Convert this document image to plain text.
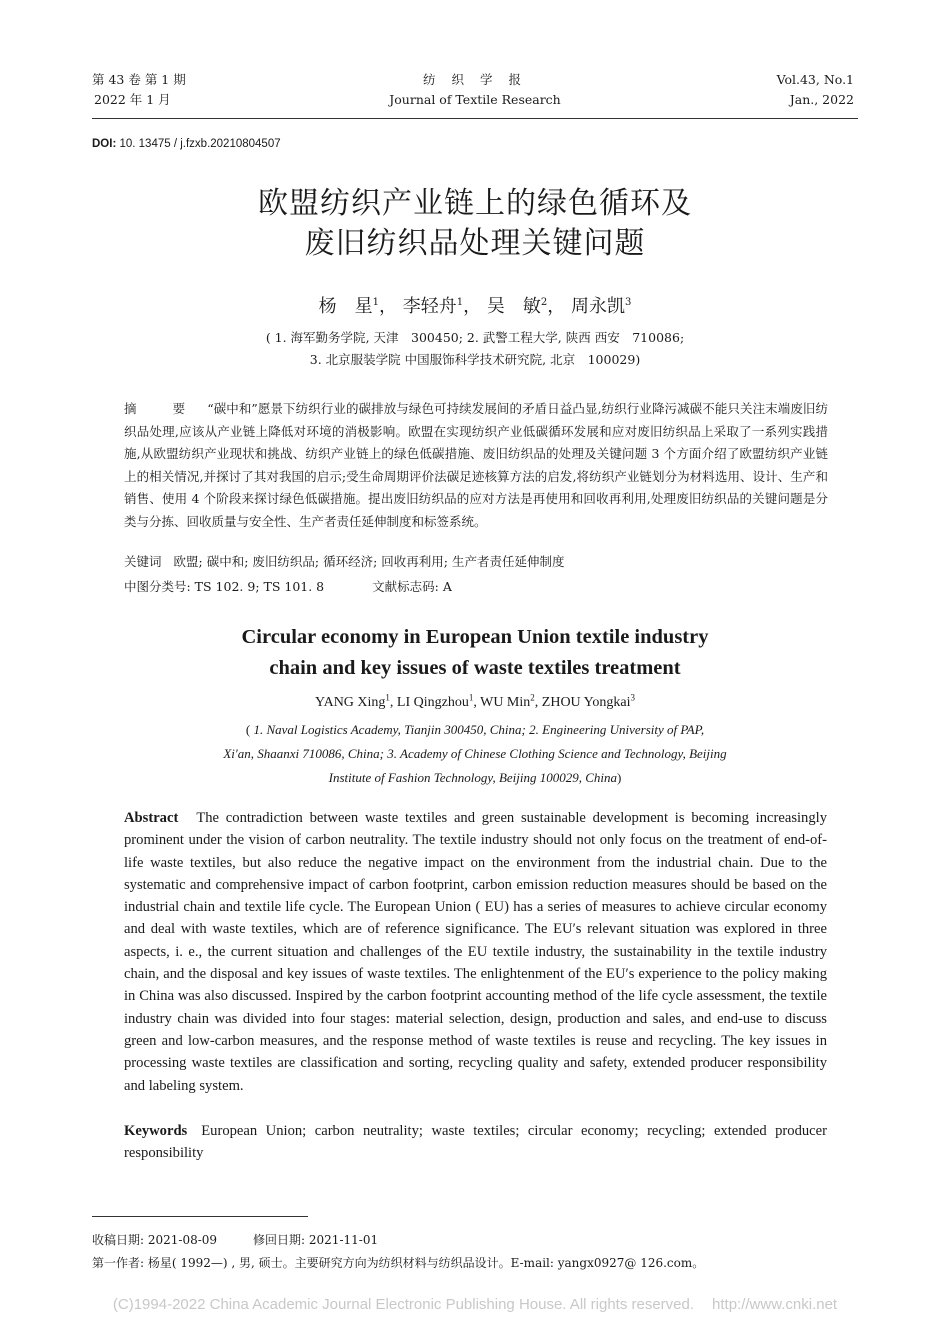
第 43 卷 第 1 期
2022 年 1 月
纺 织 学 报
Journal of Textile Research
Vol.43, No.1
Jan., 2022
DOI: 10. 13475 / j.fzxb.20210804507
欧盟纺织产业链上的绿色循环及
废旧纺织品处理关键问题
杨　星$^1$， 李轻舟$^1$， 吴　敏$^2$， 周永凯$^3$
( 1. 海军勤务学院, 天津　300450; 2. 武警工程大学, 陕西 西安　710086;
3. 北京服装学院 中国服饰科学技术研究院, 北京　100029)
摘 要 “碳中和”愿景下纺织行业的碳排放与绿色可持续发展间的矛盾日益凸显,纺织行业降污减碳不能只关注末端废旧纺织品处理,应该从产业链上降低对环境的消极影响。欧盟在实现纺织产业低碳循环发展和应对废旧纺织品上采取了一系列实践措施,从欧盟纺织产业现状和挑战、纺织产业链上的绿色低碳措施、废旧纺织品的处理及关键问题 3 个方面介绍了欧盟纺织产业链上的相关情况,并探讨了其对我国的启示;受生命周期评价法碳足迹核算方法的启发,将纺织产业链划分为材料选用、设计、生产和销售、使用 4 个阶段来探讨绿色低碳措施。提出废旧纺织品的应对方法是再使用和回收再利用,处理废旧纺织品的关键问题是分类与分拣、回收质量与安全性、生产者责任延伸制度和标签系统。
关键词 欧盟; 碳中和; 废旧纺织品; 循环经济; 回收再利用; 生产者责任延伸制度
中图分类号: TS 102. 9; TS 101. 8	文献标志码: A
Circular economy in European Union textile industry
chain and key issues of waste textiles treatment
YANG Xing$^1$, LI Qingzhou$^1$, WU Min$^2$, ZHOU Yongkai$^3$
( 1. Naval Logistics Academy, Tianjin 300450, China; 2. Engineering University of PAP,
Xi′an, Shaanxi 710086, China; 3. Academy of Chinese Clothing Science and Technology, Beijing
Institute of Fashion Technology, Beijing 100029, China)
Abstract The contradiction between waste textiles and green sustainable development is becoming increasingly prominent under the vision of carbon neutrality. The textile industry should not only focus on the treatment of end-of-life waste textiles, but also reduce the negative impact on the environment from the industrial chain. Due to the systematic and comprehensive impact of carbon footprint, carbon emission reduction measures should be based on the industrial chain and textile life cycle. The European Union ( EU) has a series of measures to achieve circular economy and deal with waste textiles, which are of reference significance. The EU′s relevant situation was explored in three aspects, i. e., the current situation and challenges of the EU textile industry, the sustainability in the textile industry chain, and the disposal and key issues of waste textiles. The enlightenment of the EU′s experience to the policy making in China was also discussed. Inspired by the carbon footprint accounting method of the life cycle assessment, the textile industry chain was divided into four stages: material selection, design, production and sales, and end-use to discuss green and low-carbon measures, and the response method of waste textiles is reuse and recycling. The key issues in processing waste textiles are classification and sorting, recycling quality and safety, extended producer responsibility and labeling system.
Keywords European Union; carbon neutrality; waste textiles; circular economy; recycling; extended producer responsibility
收稿日期: 2021-08-09	修回日期: 2021-11-01
第一作者: 杨星( 1992—) , 男, 硕士。主要研究方向为纺织材料与纺织品设计。E-mail: yangx0927@ 126.com。
(C)1994-2022 China Academic Journal Electronic Publishing House. All rights reserved. http://www.cnki.net
